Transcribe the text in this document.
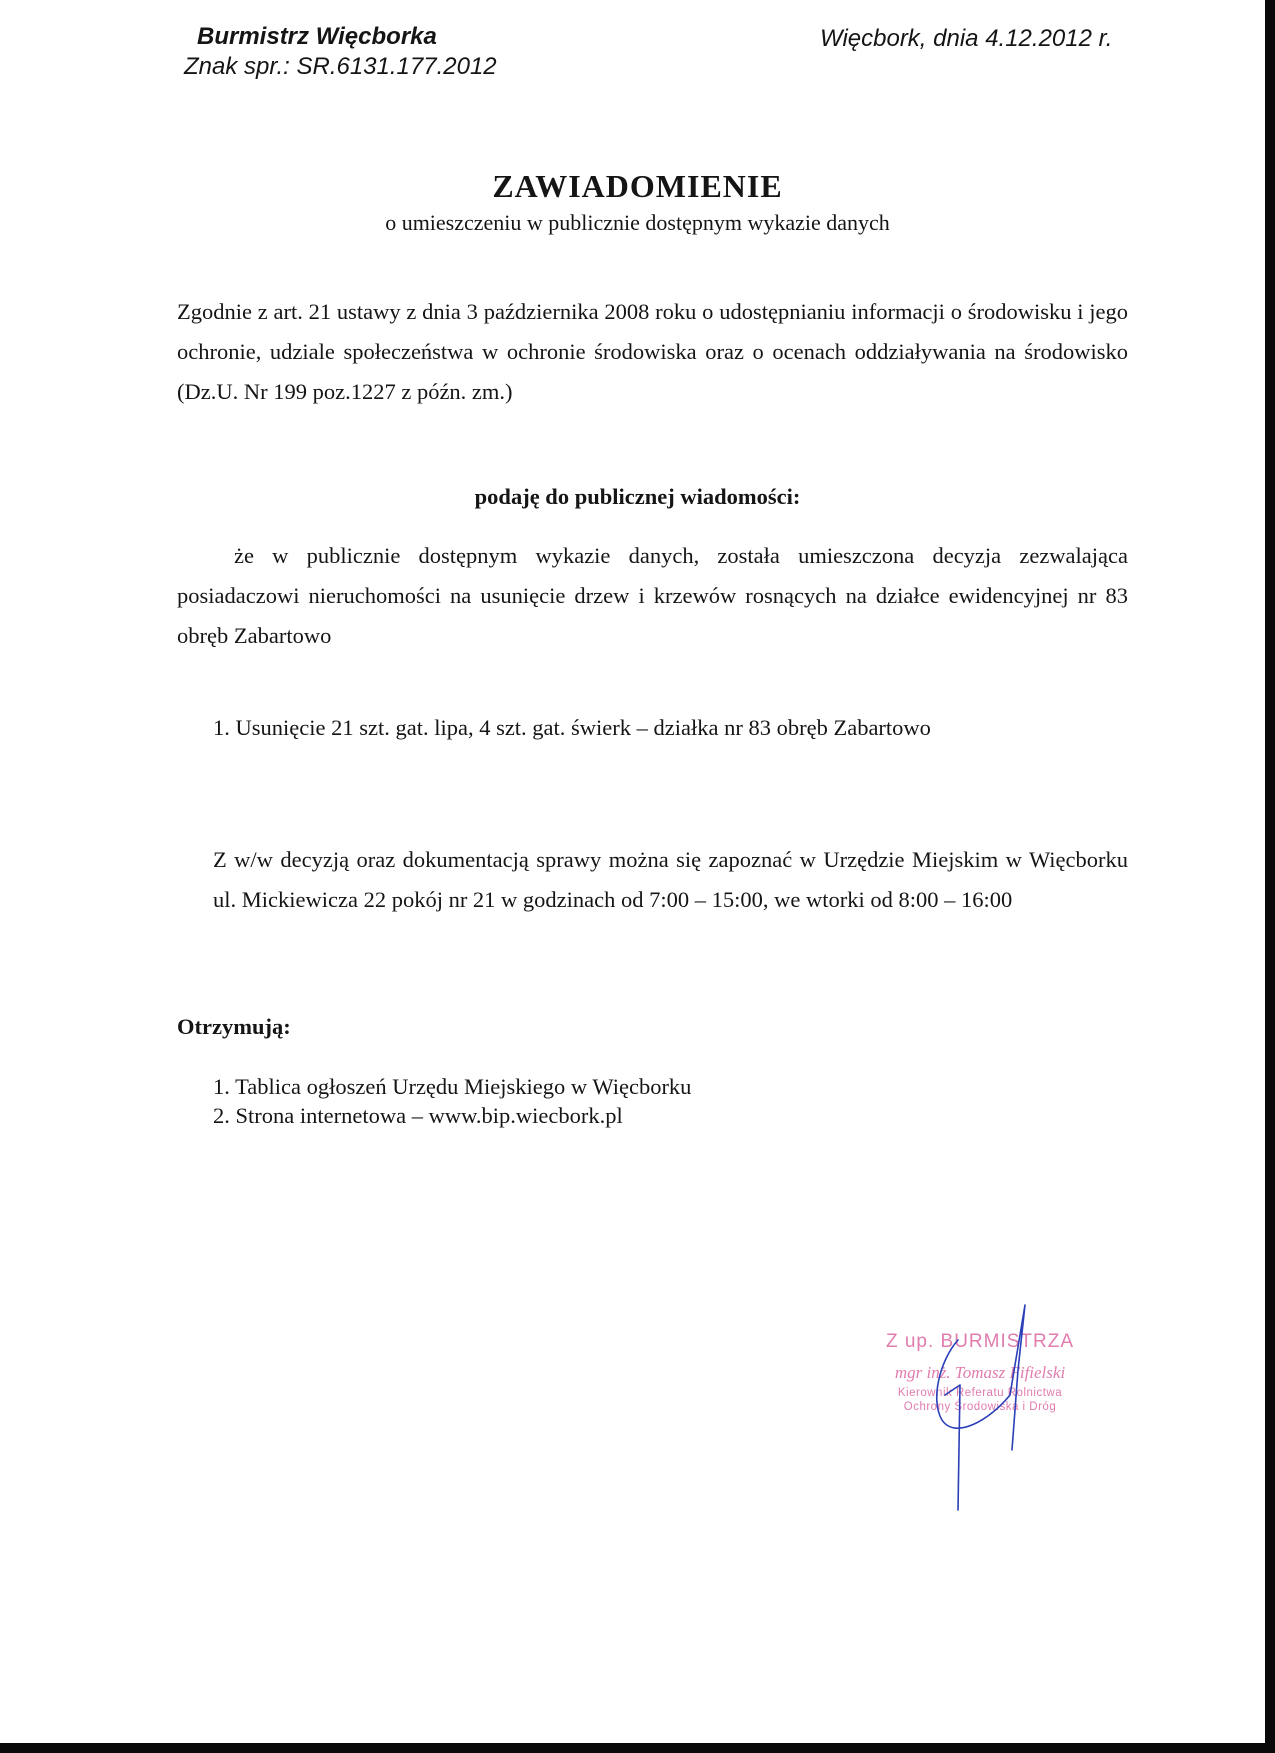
Burmistrz Więcborka
Znak spr.: SR.6131.177.2012
Więcbork, dnia 4.12.2012 r.
ZAWIADOMIENIE
o umieszczeniu w publicznie dostępnym wykazie danych
Zgodnie z art. 21 ustawy z dnia 3 października 2008 roku o udostępnianiu informacji o środowisku i jego ochronie, udziale społeczeństwa w ochronie środowiska oraz o ocenach oddziaływania na środowisko (Dz.U. Nr 199 poz.1227 z późn. zm.)
podaję do publicznej wiadomości:
że w publicznie dostępnym wykazie danych, została umieszczona decyzja zezwalająca posiadaczowi nieruchomości na usunięcie drzew i krzewów rosnących na działce ewidencyjnej nr 83 obręb Zabartowo
1. Usunięcie 21 szt. gat. lipa, 4 szt. gat. świerk – działka nr 83 obręb Zabartowo
Z w/w decyzją oraz dokumentacją sprawy można się zapoznać w Urzędzie Miejskim w Więcborku ul. Mickiewicza 22 pokój nr 21 w godzinach od 7:00 – 15:00, we wtorki od 8:00 – 16:00
Otrzymują:
1. Tablica ogłoszeń Urzędu Miejskiego w Więcborku
2. Strona internetowa – www.bip.wiecbork.pl
Z up. BURMISTRZA
mgr inż. Tomasz Fifielski
Kierownik Referatu Rolnictwa
Ochrony Środowiska i Dróg
